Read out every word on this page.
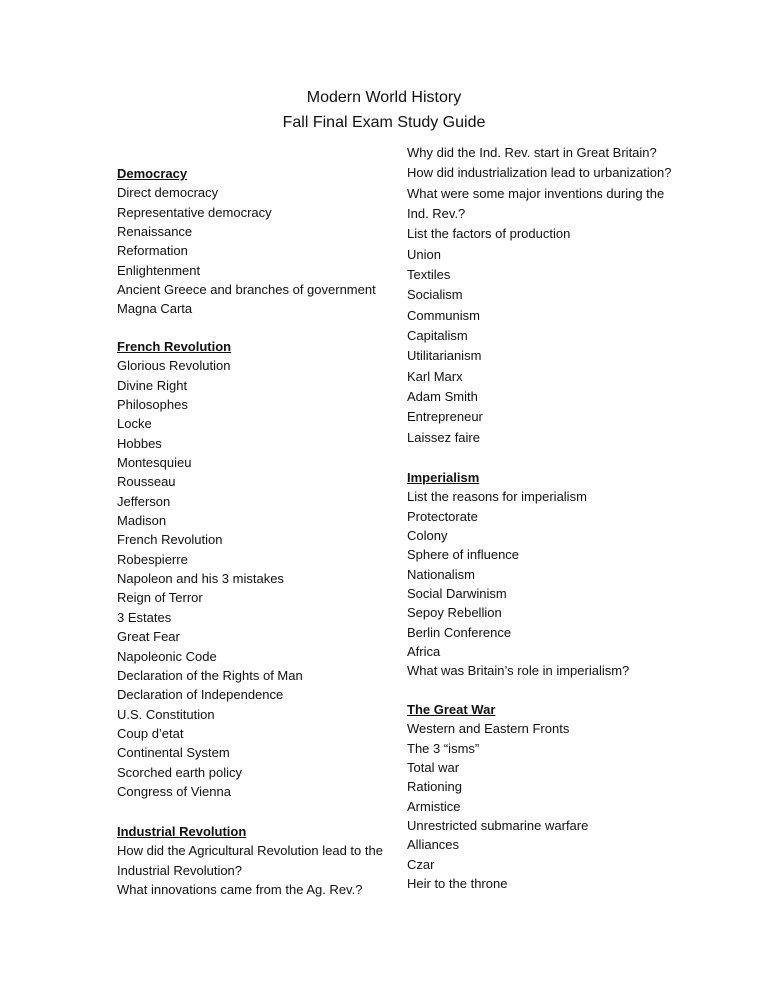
Modern World History
Fall Final Exam Study Guide
Democracy
Direct democracy
Representative democracy
Renaissance
Reformation
Enlightenment
Ancient Greece and branches of government
Magna Carta
French Revolution
Glorious Revolution
Divine Right
Philosophes
Locke
Hobbes
Montesquieu
Rousseau
Jefferson
Madison
French Revolution
Robespierre
Napoleon and his 3 mistakes
Reign of Terror
3 Estates
Great Fear
Napoleonic Code
Declaration of the Rights of Man
Declaration of Independence
U.S. Constitution
Coup d’etat
Continental System
Scorched earth policy
Congress of Vienna
Industrial Revolution
How did the Agricultural Revolution lead to the
Industrial Revolution?
What innovations came from the Ag. Rev.?
Why did the Ind. Rev. start in Great Britain?
How did industrialization lead to urbanization?
What were some major inventions during the
Ind. Rev.?
List the factors of production
Union
Textiles
Socialism
Communism
Capitalism
Utilitarianism
Karl Marx
Adam Smith
Entrepreneur
Laissez faire
Imperialism
List the reasons for imperialism
Protectorate
Colony
Sphere of influence
Nationalism
Social Darwinism
Sepoy Rebellion
Berlin Conference
Africa
What was Britain’s role in imperialism?
The Great War
Western and Eastern Fronts
The 3 “isms”
Total war
Rationing
Armistice
Unrestricted submarine warfare
Alliances
Czar
Heir to the throne
